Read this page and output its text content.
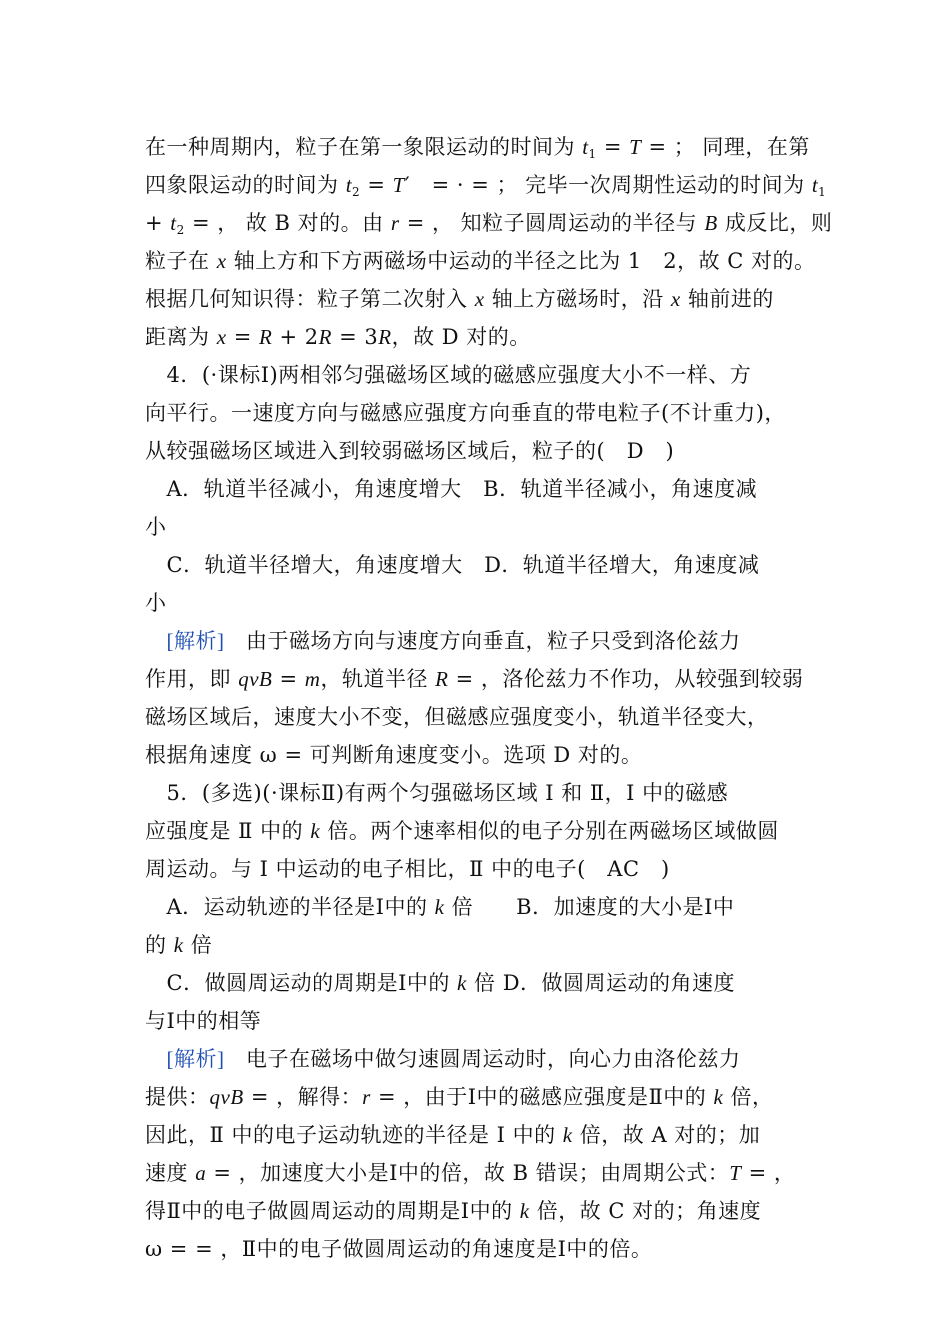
在一种周期内，粒子在第一象限运动的时间为 $t_1 = T$ = ； 同理，在第
四象限运动的时间为 $t_2 = T'$　= · = ； 完毕一次周期性运动的时间为 $t_1$
+ $t_2$ = ， 故 B 对的。由 r = ， 知粒子圆周运动的半径与 B 成反比，则
粒子在 x 轴上方和下方两磁场中运动的半径之比为 1　2，故 C 对的。
根据几何知识得：粒子第二次射入 x 轴上方磁场时，沿 x 轴前进的
距离为 x = R + 2R = 3R，故 D 对的。
　4．(·课标Ⅰ)两相邻匀强磁场区域的磁感应强度大小不一样、方
向平行。一速度方向与磁感应强度方向垂直的带电粒子(不计重力)，
从较强磁场区域进入到较弱磁场区域后，粒子的(　D　)
　A．轨道半径减小，角速度增大　B．轨道半径减小，角速度减
小
　C．轨道半径增大，角速度增大　D．轨道半径增大，角速度减
小
　[解析]　由于磁场方向与速度方向垂直，粒子只受到洛伦兹力
作用，即 qvB = m，轨道半径 R = ，洛伦兹力不作功，从较强到较弱
磁场区域后，速度大小不变，但磁感应强度变小，轨道半径变大，
根据角速度 ω = 可判断角速度变小。选项 D 对的。
　5．(多选)(·课标Ⅱ)有两个匀强磁场区域 Ⅰ 和 Ⅱ，Ⅰ 中的磁感
应强度是 Ⅱ 中的 k 倍。两个速率相似的电子分别在两磁场区域做圆
周运动。与 Ⅰ 中运动的电子相比，Ⅱ 中的电子(　AC　)
　A．运动轨迹的半径是Ⅰ中的 k 倍　　B．加速度的大小是Ⅰ中
的 k 倍
　C．做圆周运动的周期是Ⅰ中的 k 倍 D．做圆周运动的角速度
与Ⅰ中的相等
　[解析]　电子在磁场中做匀速圆周运动时，向心力由洛伦兹力
提供：qvB = ，解得：r = ，由于Ⅰ中的磁感应强度是Ⅱ中的 k 倍，
因此，Ⅱ 中的电子运动轨迹的半径是 Ⅰ 中的 k 倍，故 A 对的；加
速度 a = ，加速度大小是Ⅰ中的倍，故 B 错误；由周期公式：T = ，
得Ⅱ中的电子做圆周运动的周期是Ⅰ中的 k 倍，故 C 对的；角速度
ω = = ，Ⅱ中的电子做圆周运动的角速度是Ⅰ中的倍。
